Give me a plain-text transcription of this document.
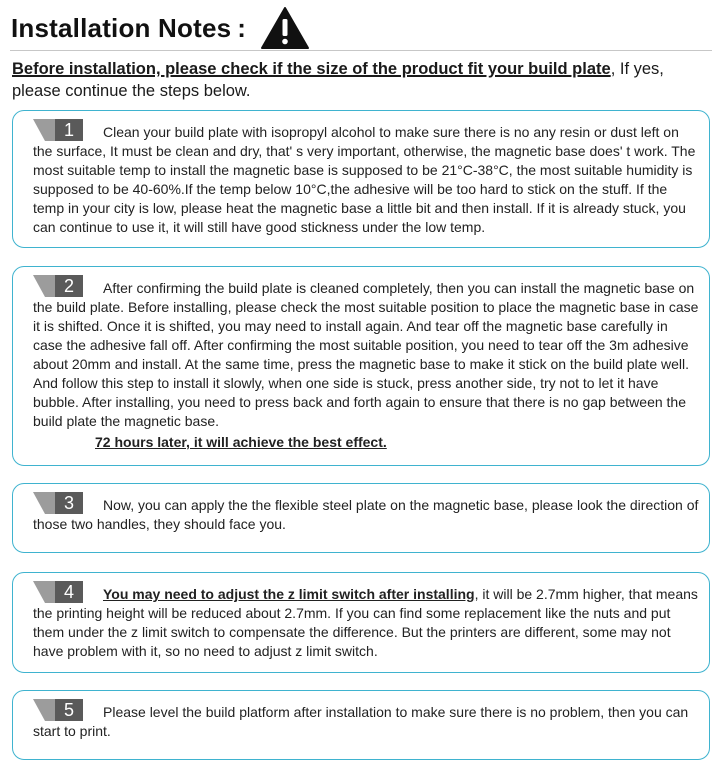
Installation Notes :
Before installation, please check if the size of the product fit your build plate, If yes, please continue the steps below.
1	Clean your build plate with isopropyl alcohol to make sure there is no any resin or dust left on the surface, It must be clean and dry, that' s very important, otherwise, the magnetic base does' t work. The most suitable temp to install the magnetic base is supposed to be 21°C-38°C, the most suitable humidity is supposed to be 40-60%.If the temp below 10°C,the adhesive will be too hard to stick on the stuff. If the temp in your city is low, please heat the magnetic base a little bit and then install. If it is already stuck, you can continue to use it, it will still have good stickness under the low temp.
2	After confirming the build plate is cleaned completely, then you can install the magnetic base on the build plate. Before installing, please check the most suitable position to place the magnetic base in case it is shifted. Once it is shifted, you may need to install again. And tear off the magnetic base carefully in case the adhesive fall off. After confirming the most suitable position, you need to tear off the 3m adhesive about 20mm and install. At the same time, press the magnetic base to make it stick on the build plate well. And follow this step to install it slowly, when one side is stuck, press another side, try not to let it have bubble. After installing, you need to press back and forth again to ensure that there is no gap between the build plate the magnetic base.
72 hours later, it will achieve the best effect.
3	Now, you can apply the the flexible steel plate on the magnetic base, please look the direction of those two handles, they should face you.
4	You may need to adjust the z limit switch after installing, it will be 2.7mm higher, that means the printing height will be reduced about 2.7mm. If you can find some replacement like the nuts and put them under the z limit switch to compensate the difference. But the printers are different, some may not have problem with it, so no need to adjust z limit switch.
5	Please level the build platform after installation to make sure there is no problem, then you can start to print.
